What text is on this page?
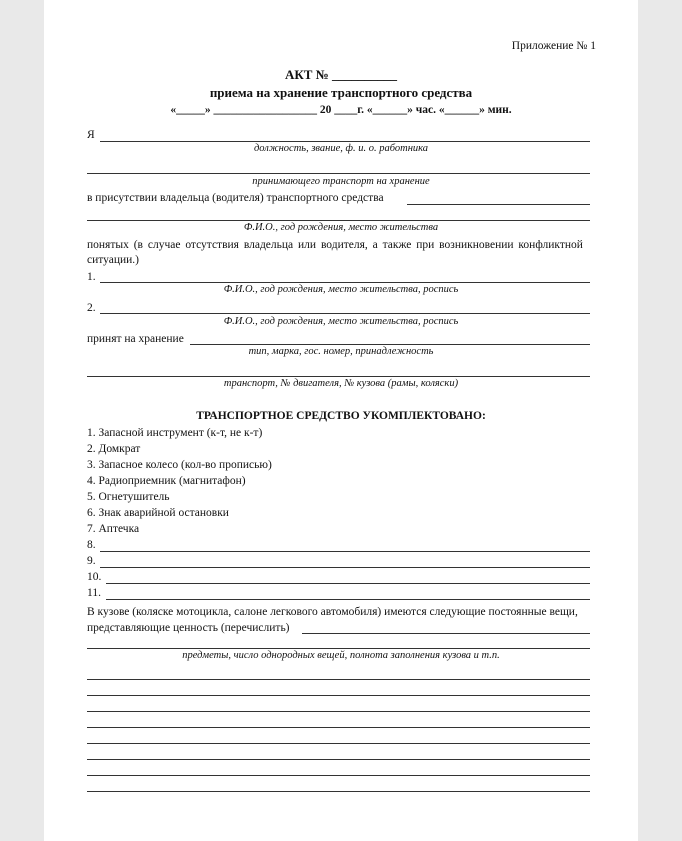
Приложение № 1
АКТ № __________
приема на хранение транспортного средства
«_____» __________________ 20 ____г. «______» час. «______» мин.
Я
должность, звание, ф. и. о. работника
принимающего транспорт на хранение
в присутствии владельца (водителя) транспортного средства
Ф.И.О., год рождения, место жительства
понятых (в случае отсутствия владельца или водителя, а также при возникновении конфликтной
ситуации.)
1.
Ф.И.О., год рождения, место жительства, роспись
2.
Ф.И.О., год рождения, место жительства, роспись
принят на хранение
тип, марка, гос. номер, принадлежность
транспорт, № двигателя, № кузова (рамы, коляски)
ТРАНСПОРТНОЕ СРЕДСТВО УКОМПЛЕКТОВАНО:
1. Запасной инструмент (к-т, не к-т)
2. Домкрат
3. Запасное колесо (кол-во прописью)
4. Радиоприемник (магнитафон)
5. Огнетушитель
6. Знак аварийной остановки
7. Аптечка
8.
9.
10.
11.
В кузове (коляске мотоцикла, салоне легкового автомобиля) имеются следующие постоянные вещи,
представляющие ценность (перечислить)
предметы, число однородных вещей, полнота заполнения кузова и т.п.
